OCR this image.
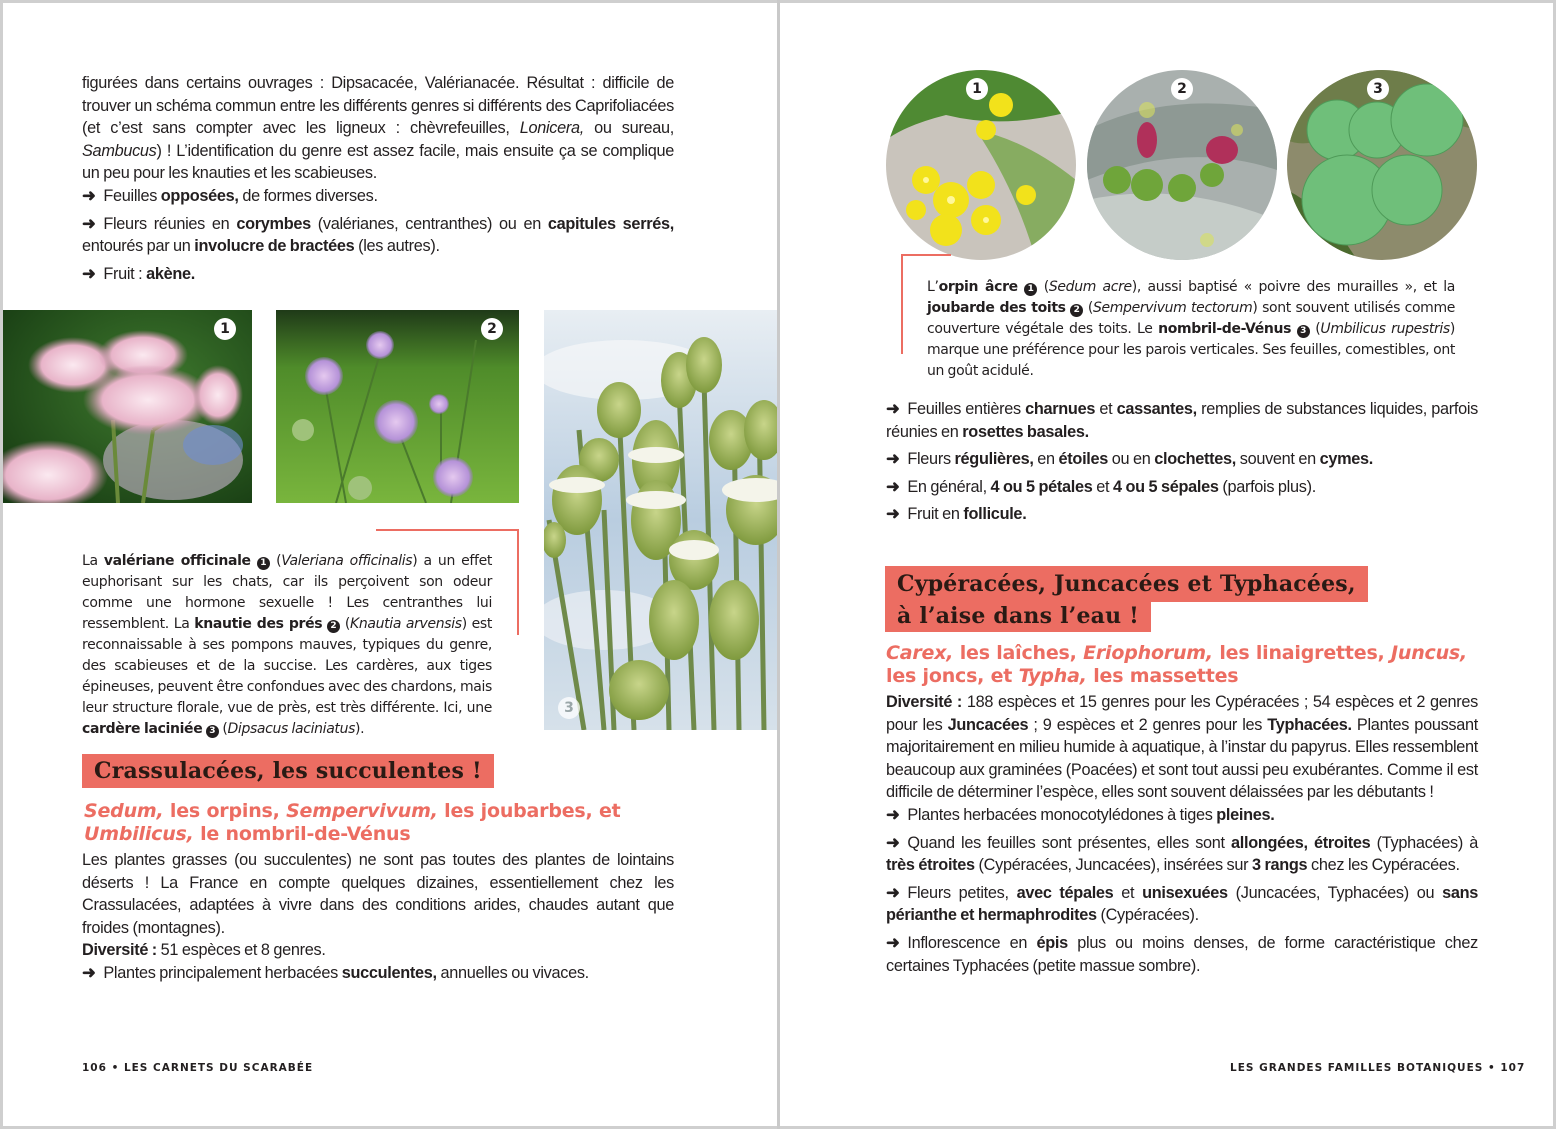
figurées dans certains ouvrages : Dipsacacée, Valérianacée. Résultat : difficile de trouver un schéma commun entre les différents genres si différents des Caprifoliacées (et c’est sans compter avec les ligneux : chèvrefeuilles, Lonicera, ou sureau, Sambucus) ! L’identification du genre est assez facile, mais ensuite ça se complique un peu pour les knauties et les scabieuses.
➜ Feuilles opposées, de formes diverses.
➜ Fleurs réunies en corymbes (valérianes, centranthes) ou en capitules serrés, entourés par un involucre de bractées (les autres).
➜ Fruit : akène.
1	2
3
La valériane officinale 1 (Valeriana officinalis) a un effet euphorisant sur les chats, car ils perçoivent son odeur comme une hormone sexuelle ! Les centranthes lui ressemblent. La knautie des prés 2 (Knautia arvensis) est reconnaissable à ses pompons mauves, typiques du genre, des scabieuses et de la succise. Les cardères, aux tiges épineuses, peuvent être confondues avec des chardons, mais leur structure florale, vue de près, est très différente. Ici, une cardère laciniée 3 (Dipsacus laciniatus).
Crassulacées, les succulentes !
Sedum, les orpins, Sempervivum, les joubarbes, et Umbilicus, le nombril-de-Vénus
Les plantes grasses (ou succulentes) ne sont pas toutes des plantes de lointains déserts ! La France en compte quelques dizaines, essentiellement chez les Crassulacées, adaptées à vivre dans des conditions arides, chaudes autant que froides (montagnes).
Diversité : 51 espèces et 8 genres.
➜ Plantes principalement herbacées succulentes, annuelles ou vivaces.
106 • LES CARNETS DU SCARABÉE
1	2	3
L’orpin âcre 1 (Sedum acre), aussi baptisé « poivre des murailles », et la joubarde des toits 2 (Sempervivum tectorum) sont souvent utilisés comme couverture végétale des toits. Le nombril-de-Vénus 3 (Umbilicus rupestris) marque une préférence pour les parois verticales. Ses feuilles, comestibles, ont un goût acidulé.
➜ Feuilles entières charnues et cassantes, remplies de substances liquides, parfois réunies en rosettes basales.
➜ Fleurs régulières, en étoiles ou en clochettes, souvent en cymes.
➜ En général, 4 ou 5 pétales et 4 ou 5 sépales (parfois plus).
➜ Fruit en follicule.
Cypéracées, Juncacées et Typhacées,
à l’aise dans l’eau !
Carex, les laîches, Eriophorum, les linaigrettes, Juncus, les joncs, et Typha, les massettes
Diversité : 188 espèces et 15 genres pour les Cypéracées ; 54 espèces et 2 genres pour les Juncacées ; 9 espèces et 2 genres pour les Typhacées. Plantes poussant majoritairement en milieu humide à aquatique, à l’instar du papyrus. Elles ressemblent beaucoup aux graminées (Poacées) et sont tout aussi peu exubérantes. Comme il est difficile de déterminer l’espèce, elles sont souvent délaissées par les débutants !
➜ Plantes herbacées monocotylédones à tiges pleines.
➜ Quand les feuilles sont présentes, elles sont allongées, étroites (Typhacées) à très étroites (Cypéracées, Juncacées), insérées sur 3 rangs chez les Cypéracées.
➜ Fleurs petites, avec tépales et unisexuées (Juncacées, Typhacées) ou sans périanthe et hermaphrodites (Cypéracées).
➜ Inflorescence en épis plus ou moins denses, de forme caractéristique chez certaines Typhacées (petite massue sombre).
LES GRANDES FAMILLES BOTANIQUES • 107
